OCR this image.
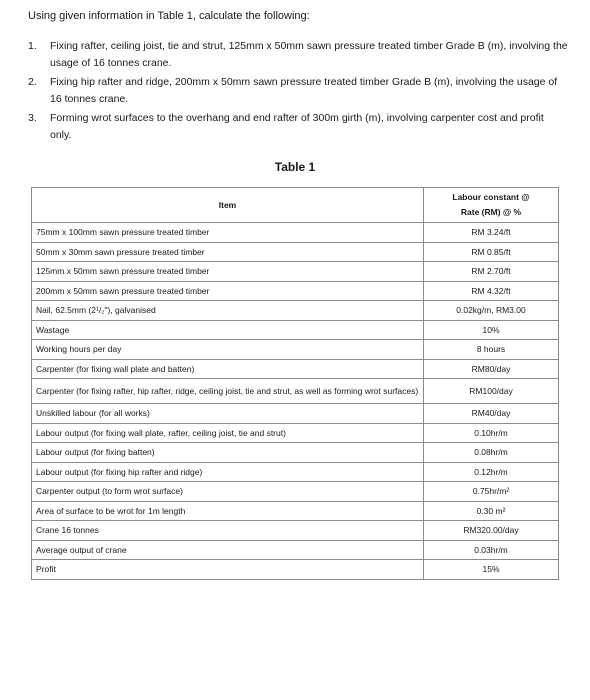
Using given information in Table 1, calculate the following:
1. Fixing rafter, ceiling joist, tie and strut, 125mm x 50mm sawn pressure treated timber Grade B (m), involving the usage of 16 tonnes crane.
2. Fixing hip rafter and ridge, 200mm x 50mm sawn pressure treated timber Grade B (m), involving the usage of 16 tonnes crane.
3. Forming wrot surfaces to the overhang and end rafter of 300m girth (m), involving carpenter cost and profit only.
Table 1
Item	Labour constant @
Rate (RM) @ %

75mm x 100mm sawn pressure treated timber	RM 3.24/ft
50mm x 30mm sawn pressure treated timber	RM 0.85/ft
125mm x 50mm sawn pressure treated timber	RM 2.70/ft
200mm x 50mm sawn pressure treated timber	RM 4.32/ft
Nail, 62.5mm (2¹/₂"), galvanised	0.02kg/m, RM3.00
Wastage	10%
Working hours per day	8 hours
Carpenter (for fixing wall plate and batten)	RM80/day
Carpenter (for fixing rafter, hip rafter, ridge, ceiling joist, tie and strut, as well as forming wrot surfaces)	RM100/day
Unskilled labour (for all works)	RM40/day
Labour output (for fixing wall plate, rafter, ceiling joist, tie and strut)	0.10hr/m
Labour output (for fixing batten)	0.08hr/m
Labour output (for fixing hip rafter and ridge)	0.12hr/m
Carpenter output (to form wrot surface)	0.75hr/m²
Area of surface to be wrot for 1m length	0.30 m²
Crane 16 tonnes	RM320.00/day
Average output of crane	0.03hr/m
Profit	15%
